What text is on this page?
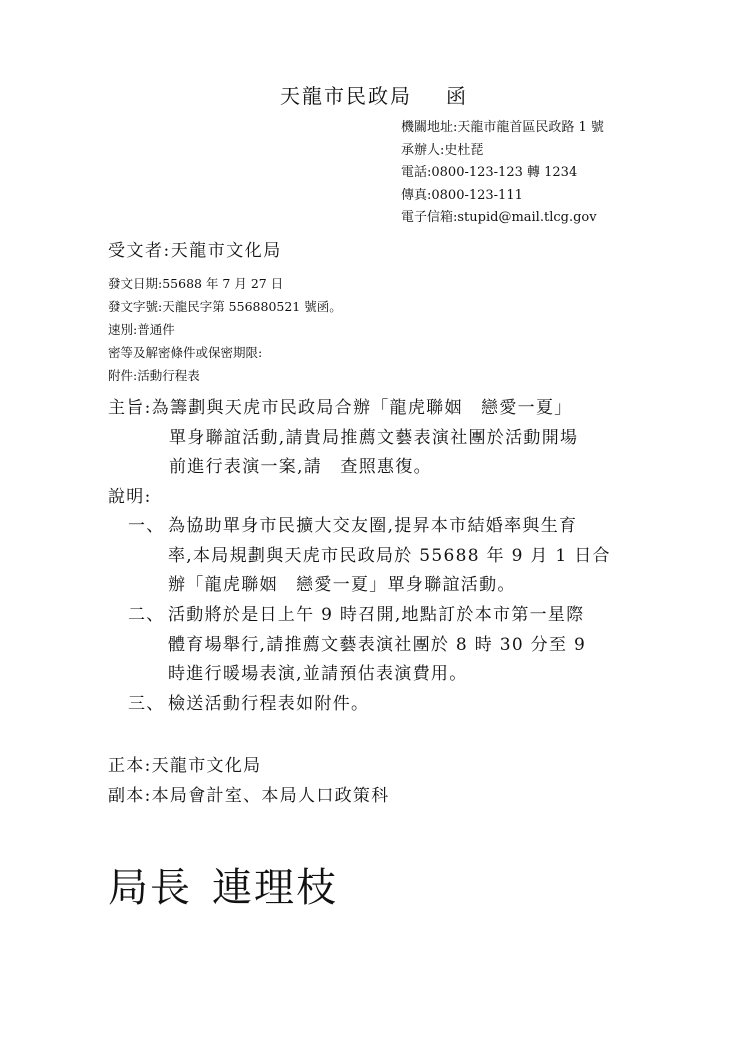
天龍市民政局 函
機關地址:天龍市龍首區民政路 1 號
承辦人:史杜琵
電話:0800-123-123 轉 1234
傳真:0800-123-111
電子信箱:stupid@mail.tlcg.gov
受文者:天龍市文化局
發文日期:55688 年 7 月 27 日
發文字號:天龍民字第 556880521 號函。
速別:普通件
密等及解密條件或保密期限:
附件:活動行程表
主旨:為籌劃與天虎市民政局合辦「龍虎聯姻　戀愛一夏」
單身聯誼活動,請貴局推薦文藝表演社團於活動開場
前進行表演一案,請　查照惠復。
說明:
一、 為協助單身市民擴大交友圈,提昇本市結婚率與生育
率,本局規劃與天虎市民政局於 55688 年 9 月 1 日合
辦「龍虎聯姻　戀愛一夏」單身聯誼活動。
二、 活動將於是日上午 9 時召開,地點訂於本市第一星際
體育場舉行,請推薦文藝表演社團於 8 時 30 分至 9
時進行暖場表演,並請預估表演費用。
三、 檢送活動行程表如附件。
正本:天龍市文化局
副本:本局會計室、本局人口政策科
局長 連理枝
